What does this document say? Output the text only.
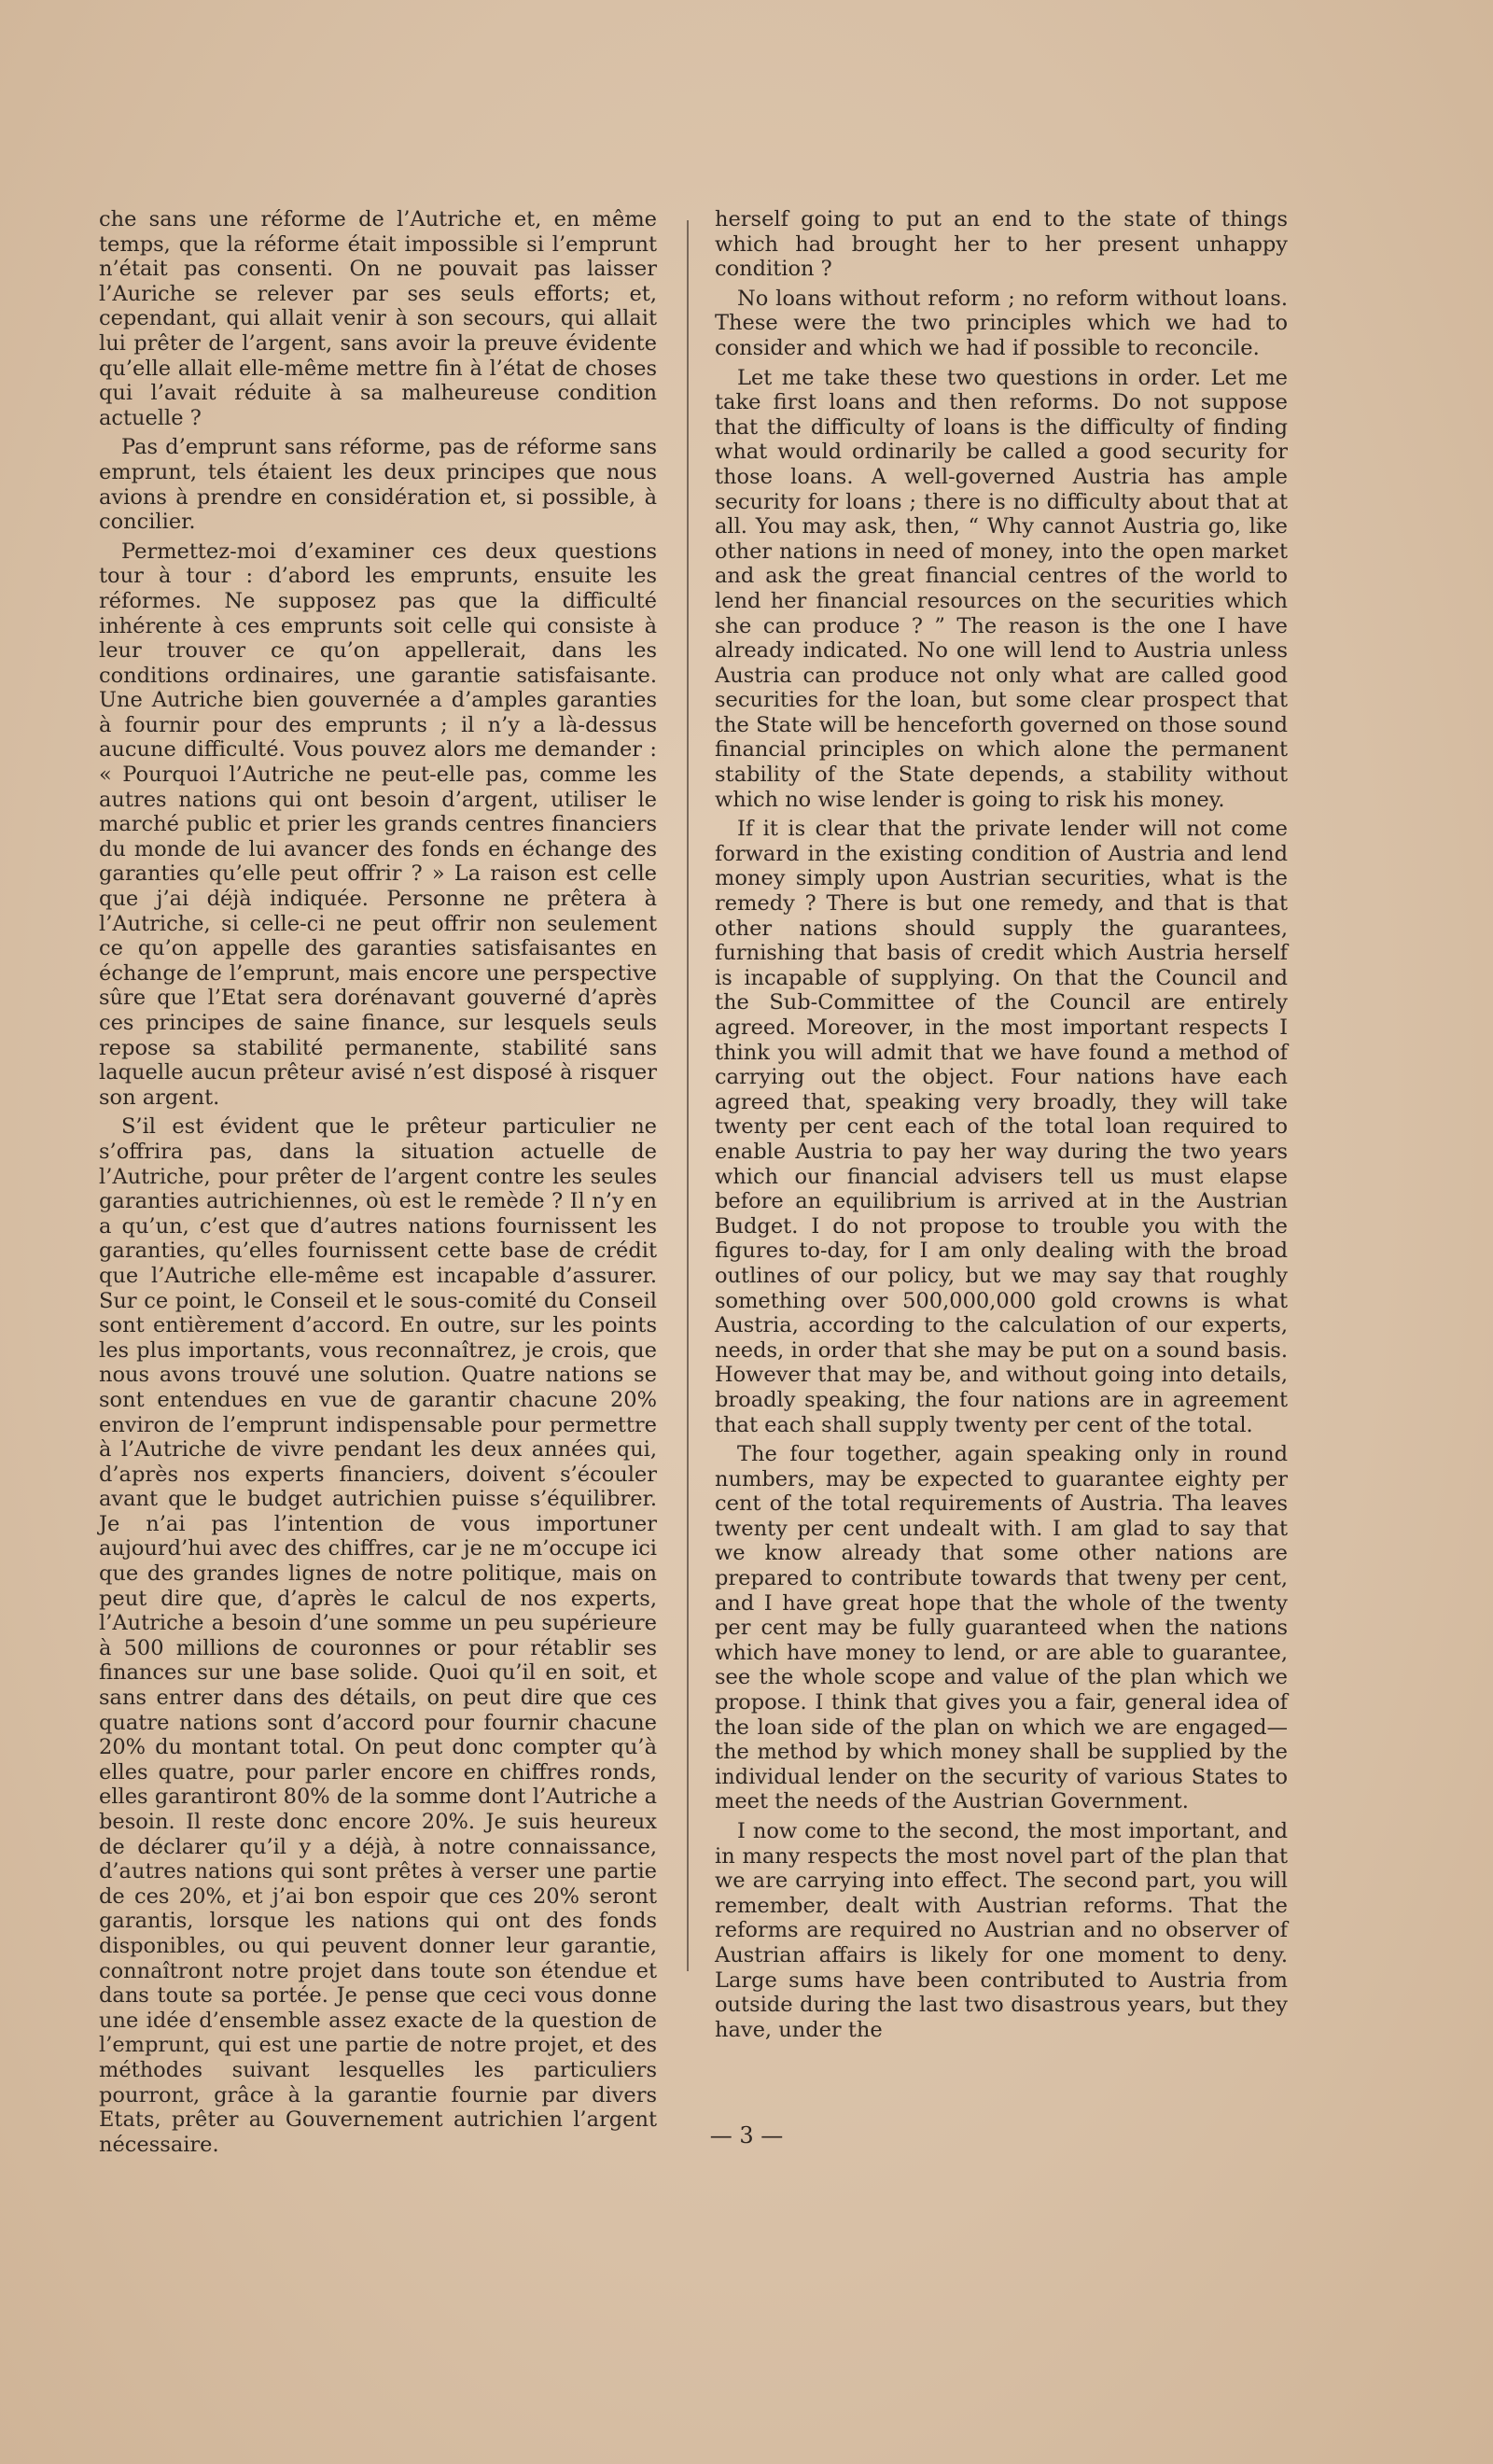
che sans une réforme de l’Autriche et, en même temps, que la réforme était impossible si l’emprunt n’était pas consenti. On ne pouvait pas laisser l’Auriche se relever par ses seuls efforts; et, cependant, qui allait venir à son secours, qui allait lui prêter de l’argent, sans avoir la preuve évidente qu’elle allait elle-même mettre fin à l’état de choses qui l’avait réduite à sa malheureuse condition actuelle ?

Pas d’emprunt sans réforme, pas de réforme sans emprunt, tels étaient les deux principes que nous avions à prendre en considération et, si possible, à concilier.

Permettez-moi d’examiner ces deux questions tour à tour : d’abord les emprunts, ensuite les réformes. Ne supposez pas que la difficulté inhérente à ces emprunts soit celle qui consiste à leur trouver ce qu’on appellerait, dans les conditions ordinaires, une garantie satisfaisante. Une Autriche bien gouvernée a d’amples garanties à fournir pour des emprunts ; il n’y a là-dessus aucune difficulté. Vous pouvez alors me demander : « Pourquoi l’Autriche ne peut-elle pas, comme les autres nations qui ont besoin d’argent, utiliser le marché public et prier les grands centres financiers du monde de lui avancer des fonds en échange des garanties qu’elle peut offrir ? » La raison est celle que j’ai déjà indiquée. Personne ne prêtera à l’Autriche, si celle-ci ne peut offrir non seulement ce qu’on appelle des garanties satisfaisantes en échange de l’emprunt, mais encore une perspective sûre que l’Etat sera dorénavant gouverné d’après ces principes de saine finance, sur lesquels seuls repose sa stabilité permanente, stabilité sans laquelle aucun prêteur avisé n’est disposé à risquer son argent.

S’il est évident que le prêteur particulier ne s’offrira pas, dans la situation actuelle de l’Autriche, pour prêter de l’argent contre les seules garanties autrichiennes, où est le remède ? Il n’y en a qu’un, c’est que d’autres nations fournissent les garanties, qu’elles fournissent cette base de crédit que l’Autriche elle-même est incapable d’assurer. Sur ce point, le Conseil et le sous-comité du Conseil sont entièrement d’accord. En outre, sur les points les plus importants, vous reconnaîtrez, je crois, que nous avons trouvé une solution. Quatre nations se sont entendues en vue de garantir chacune 20% environ de l’emprunt indispensable pour permettre à l’Autriche de vivre pendant les deux années qui, d’après nos experts financiers, doivent s’écouler avant que le budget autrichien puisse s’équilibrer. Je n’ai pas l’intention de vous importuner aujourd’hui avec des chiffres, car je ne m’occupe ici que des grandes lignes de notre politique, mais on peut dire que, d’après le calcul de nos experts, l’Autriche a besoin d’une somme un peu supérieure à 500 millions de couronnes or pour rétablir ses finances sur une base solide. Quoi qu’il en soit, et sans entrer dans des détails, on peut dire que ces quatre nations sont d’accord pour fournir chacune 20% du montant total. On peut donc compter qu’à elles quatre, pour parler encore en chiffres ronds, elles garantiront 80% de la somme dont l’Autriche a besoin. Il reste donc encore 20%. Je suis heureux de déclarer qu’il y a déjà, à notre connaissance, d’autres nations qui sont prêtes à verser une partie de ces 20%, et j’ai bon espoir que ces 20% seront garantis, lorsque les nations qui ont des fonds disponibles, ou qui peuvent donner leur garantie, connaîtront notre projet dans toute son étendue et dans toute sa portée. Je pense que ceci vous donne une idée d’ensemble assez exacte de la question de l’emprunt, qui est une partie de notre projet, et des méthodes suivant lesquelles les particuliers pourront, grâce à la garantie fournie par divers Etats, prêter au Gouvernement autrichien l’argent nécessaire.

herself going to put an end to the state of things which had brought her to her present unhappy condition ?

No loans without reform ; no reform without loans. These were the two principles which we had to consider and which we had if possible to reconcile.

Let me take these two questions in order. Let me take first loans and then reforms. Do not suppose that the difficulty of loans is the difficulty of finding what would ordinarily be called a good security for those loans. A well-governed Austria has ample security for loans ; there is no difficulty about that at all. You may ask, then, “ Why cannot Austria go, like other nations in need of money, into the open market and ask the great financial centres of the world to lend her financial resources on the securities which she can produce ? ” The reason is the one I have already indicated. No one will lend to Austria unless Austria can produce not only what are called good securities for the loan, but some clear prospect that the State will be henceforth governed on those sound financial principles on which alone the permanent stability of the State depends, a stability without which no wise lender is going to risk his money.

If it is clear that the private lender will not come forward in the existing condition of Austria and lend money simply upon Austrian securities, what is the remedy ? There is but one remedy, and that is that other nations should supply the guarantees, furnishing that basis of credit which Austria herself is incapable of supplying. On that the Council and the Sub-Committee of the Council are entirely agreed. Moreover, in the most important respects I think you will admit that we have found a method of carrying out the object. Four nations have each agreed that, speaking very broadly, they will take twenty per cent each of the total loan required to enable Austria to pay her way during the two years which our financial advisers tell us must elapse before an equilibrium is arrived at in the Austrian Budget. I do not propose to trouble you with the figures to-day, for I am only dealing with the broad outlines of our policy, but we may say that roughly something over 500,000,000 gold crowns is what Austria, according to the calculation of our experts, needs, in order that she may be put on a sound basis. However that may be, and without going into details, broadly speaking, the four nations are in agreement that each shall supply twenty per cent of the total.

The four together, again speaking only in round numbers, may be expected to guarantee eighty per cent of the total requirements of Austria. Tha leaves twenty per cent undealt with. I am glad to say that we know already that some other nations are prepared to contribute towards that tweny per cent, and I have great hope that the whole of the twenty per cent may be fully guaranteed when the nations which have money to lend, or are able to guarantee, see the whole scope and value of the plan which we propose. I think that gives you a fair, general idea of the loan side of the plan on which we are engaged—the method by which money shall be supplied by the individual lender on the security of various States to meet the needs of the Austrian Government.

I now come to the second, the most important, and in many respects the most novel part of the plan that we are carrying into effect. The second part, you will remember, dealt with Austrian reforms. That the reforms are required no Austrian and no observer of Austrian affairs is likely for one moment to deny. Large sums have been contributed to Austria from outside during the last two disastrous years, but they have, under the

— 3 —
